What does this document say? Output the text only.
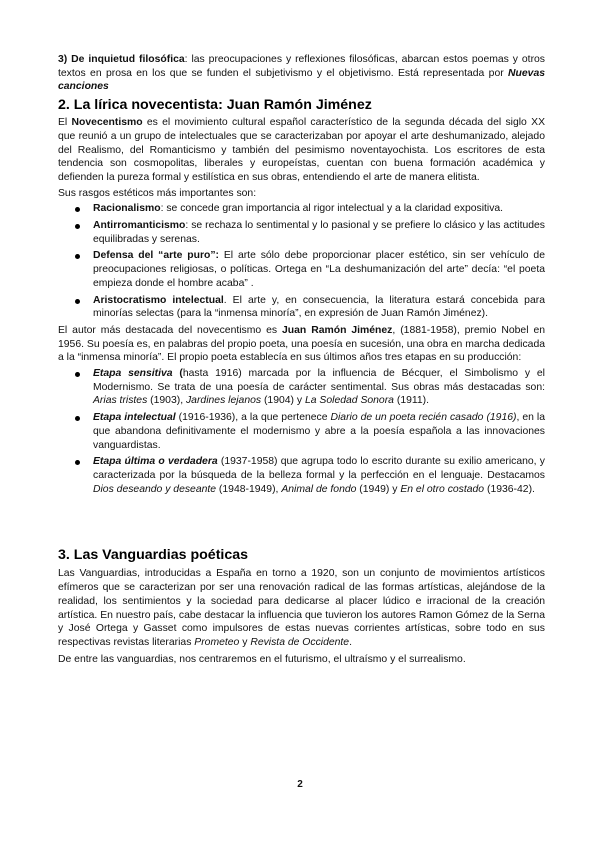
3) De inquietud filosófica: las preocupaciones y reflexiones filosóficas, abarcan estos poemas y otros textos en prosa en los que se funden el subjetivismo y el objetivismo. Está representada por Nuevas canciones

2. La lírica novecentista: Juan Ramón Jiménez

El Novecentismo es el movimiento cultural español característico de la segunda década del siglo XX que reunió a un grupo de intelectuales que se caracterizaban por apoyar el arte deshumanizado, alejado del Realismo, del Romanticismo y también del pesimismo noventayochista. Los escritores de esta tendencia son cosmopolitas, liberales y europeístas, cuentan con buena formación académica y defienden la pureza formal y estilística en sus obras, entendiendo el arte de manera elitista.

Sus rasgos estéticos más importantes son:

Racionalismo: se concede gran importancia al rigor intelectual y a la claridad expositiva.
Antirromanticismo: se rechaza lo sentimental y lo pasional y se prefiere lo clásico y las actitudes equilibradas y serenas.
Defensa del “arte puro”: El arte sólo debe proporcionar placer estético, sin ser vehículo de preocupaciones religiosas, o políticas. Ortega en “La deshumanización del arte” decía: “el poeta empieza donde el hombre acaba” .
Aristocratismo intelectual. El arte y, en consecuencia, la literatura estará concebida para minorías selectas (para la “inmensa minoría”, en expresión de Juan Ramón Jiménez).

El autor más destacada del novecentismo es Juan Ramón Jiménez, (1881-1958), premio Nobel en 1956. Su poesía es, en palabras del propio poeta, una poesía en sucesión, una obra en marcha dedicada a la “inmensa minoría”. El propio poeta establecía en sus últimos años tres etapas en su producción:

Etapa sensitiva (hasta 1916) marcada por la influencia de Bécquer, el Simbolismo y el Modernismo. Se trata de una poesía de carácter sentimental. Sus obras más destacadas son: Arias tristes (1903), Jardines lejanos (1904) y La Soledad Sonora (1911).
Etapa intelectual (1916-1936), a la que pertenece Diario de un poeta recién casado (1916), en la que abandona definitivamente el modernismo y abre a la poesía española a las innovaciones vanguardistas.
Etapa última o verdadera (1937-1958) que agrupa todo lo escrito durante su exilio americano, y caracterizada por la búsqueda de la belleza formal y la perfección en el lenguaje. Destacamos Dios deseando y deseante (1948-1949), Animal de fondo (1949) y En el otro costado (1936-42).
3. Las Vanguardias poéticas

Las Vanguardias, introducidas a España en torno a 1920, son un conjunto de movimientos artísticos efímeros que se caracterizan por ser una renovación radical de las formas artísticas, alejándose de la realidad, los sentimientos y la sociedad para dedicarse al placer lúdico e irracional de la creación artística. En nuestro país, cabe destacar la influencia que tuvieron los autores Ramon Gómez de la Serna y José Ortega y Gasset como impulsores de estas nuevas corrientes artísticas, sobre todo en sus respectivas revistas literarias Prometeo y Revista de Occidente.

De entre las vanguardias, nos centraremos en el futurismo, el ultraísmo y el surrealismo.

2
